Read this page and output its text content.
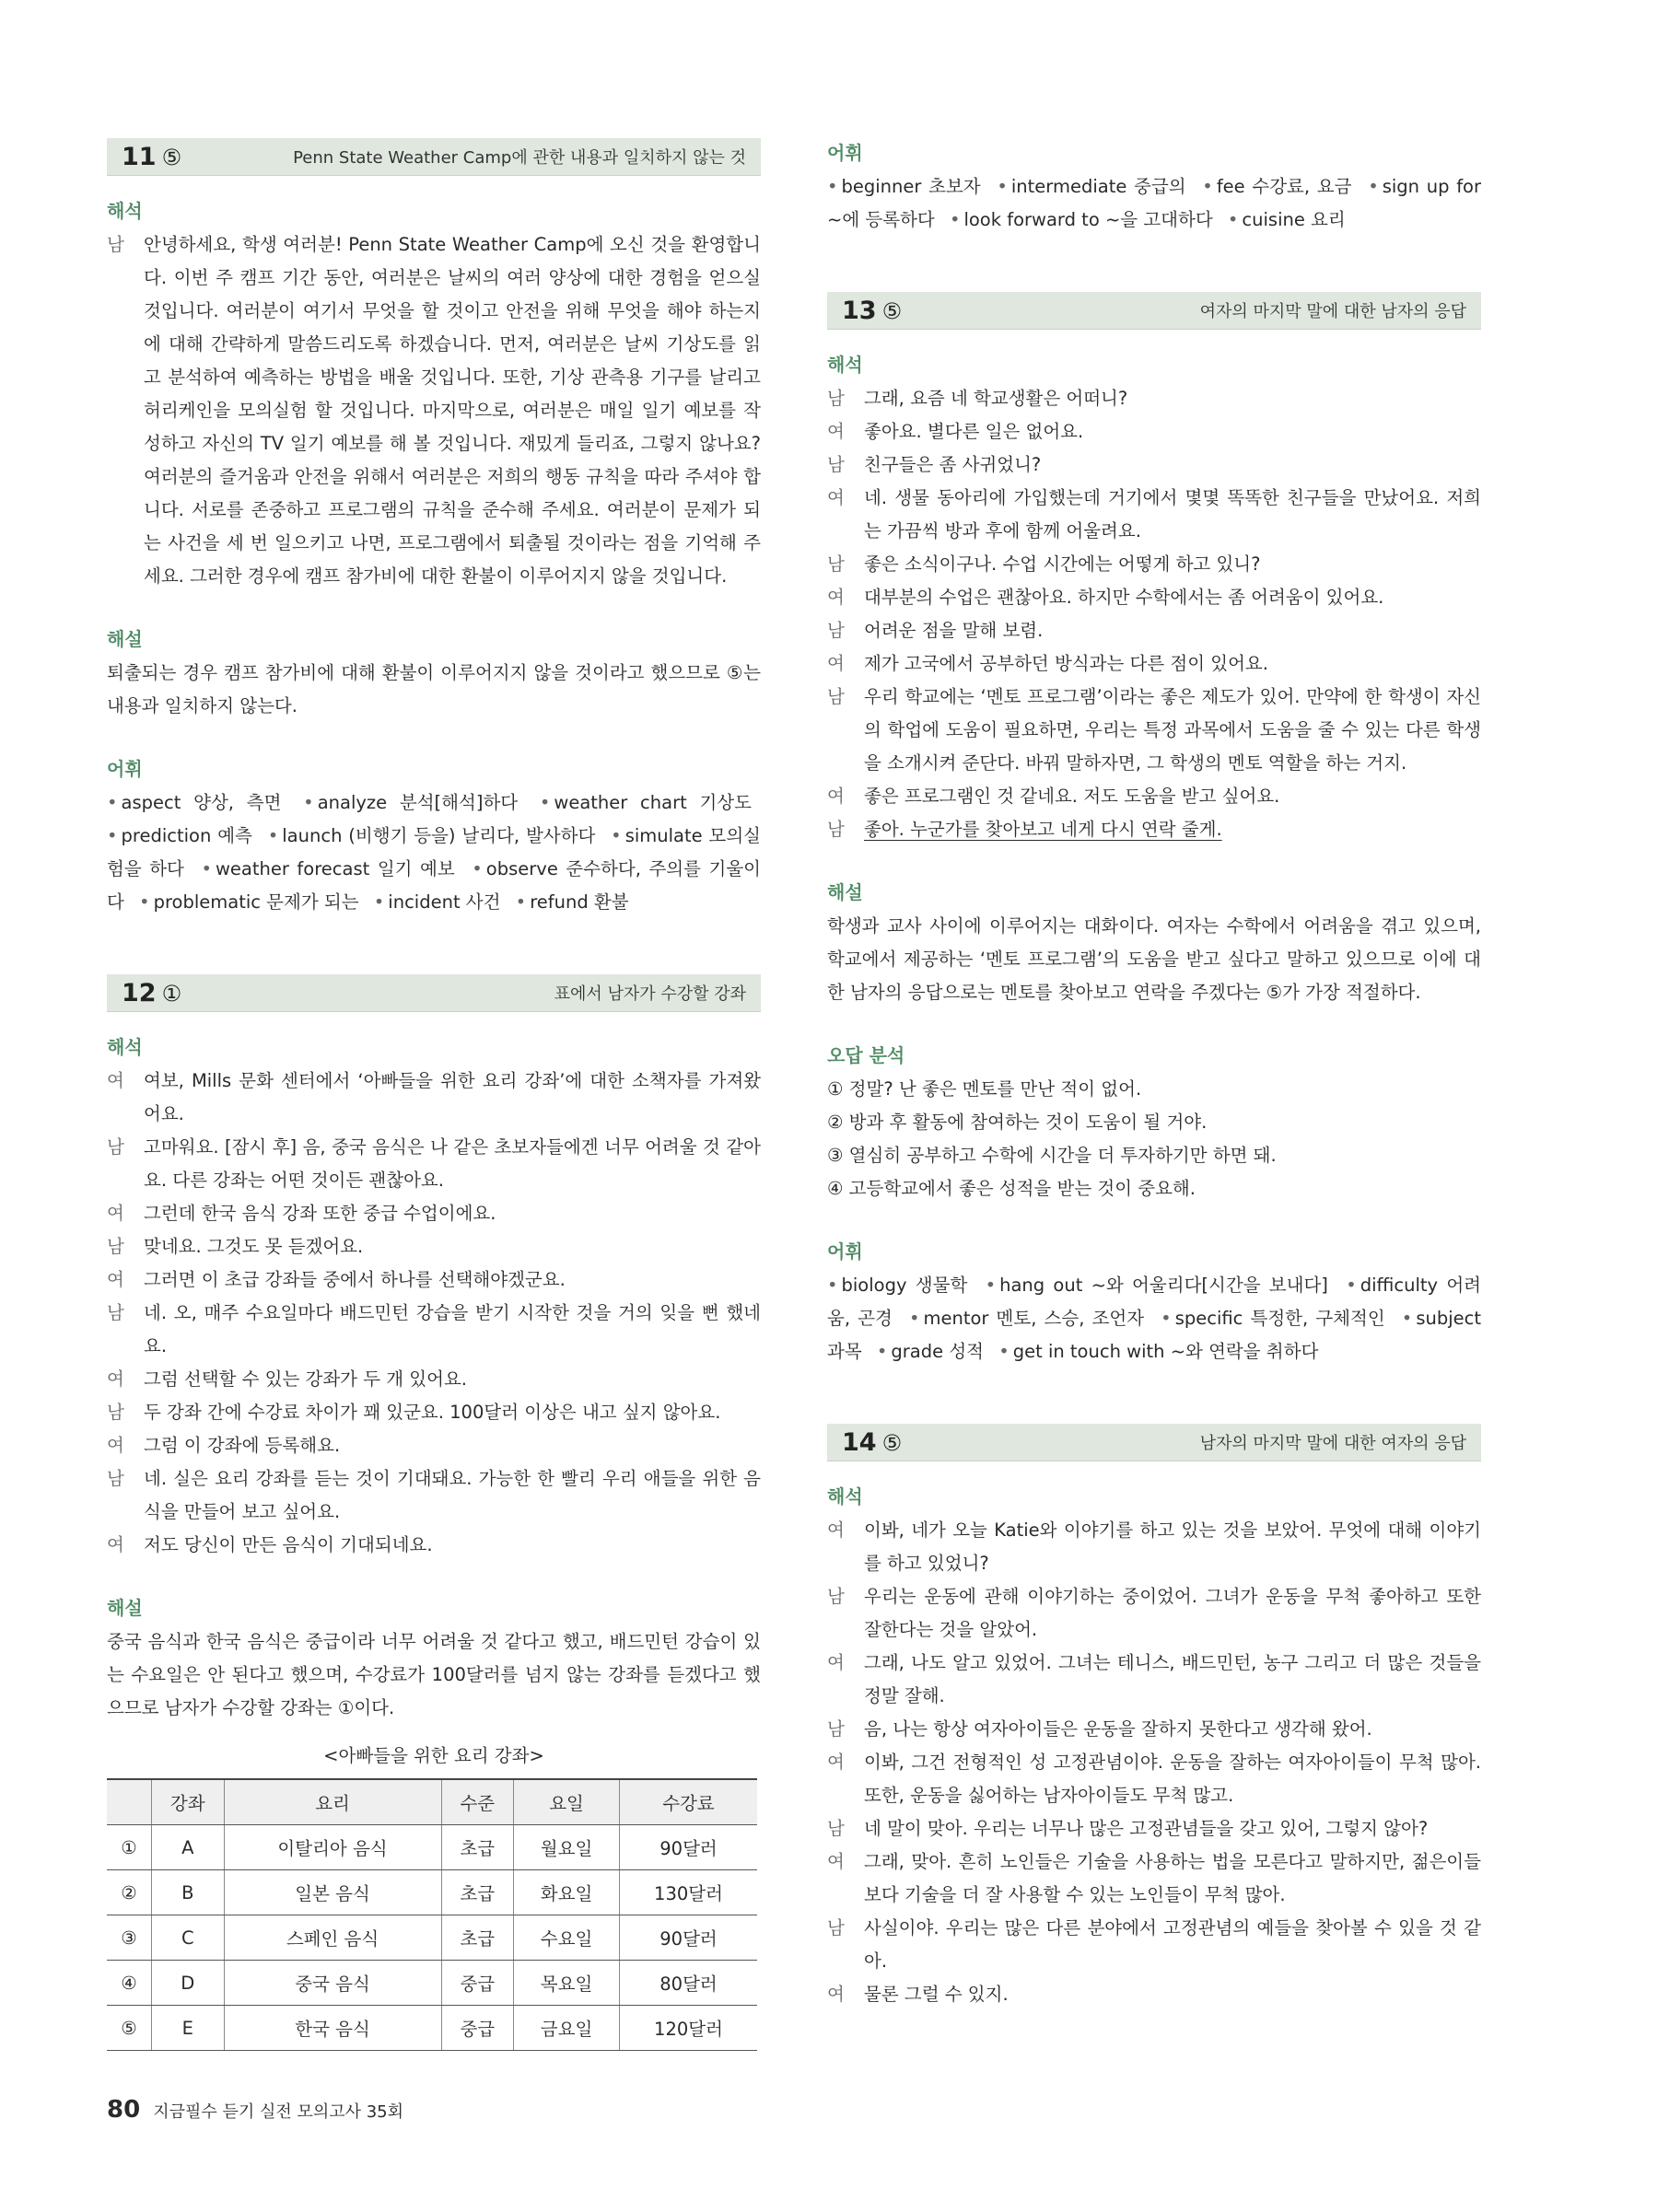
11 ⑤	Penn State Weather Camp에 관한 내용과 일치하지 않는 것
해석
남	안녕하세요, 학생 여러분! Penn State Weather Camp에 오신 것을 환영합니다. 이번 주 캠프 기간 동안, 여러분은 날씨의 여러 양상에 대한 경험을 얻으실 것입니다. 여러분이 여기서 무엇을 할 것이고 안전을 위해 무엇을 해야 하는지에 대해 간략하게 말씀드리도록 하겠습니다. 먼저, 여러분은 날씨 기상도를 읽고 분석하여 예측하는 방법을 배울 것입니다. 또한, 기상 관측용 기구를 날리고 허리케인을 모의실험 할 것입니다. 마지막으로, 여러분은 매일 일기 예보를 작성하고 자신의 TV 일기 예보를 해 볼 것입니다. 재밌게 들리죠, 그렇지 않나요? 여러분의 즐거움과 안전을 위해서 여러분은 저희의 행동 규칙을 따라 주셔야 합니다. 서로를 존중하고 프로그램의 규칙을 준수해 주세요. 여러분이 문제가 되는 사건을 세 번 일으키고 나면, 프로그램에서 퇴출될 것이라는 점을 기억해 주세요. 그러한 경우에 캠프 참가비에 대한 환불이 이루어지지 않을 것입니다.
해설

퇴출되는 경우 캠프 참가비에 대해 환불이 이루어지지 않을 것이라고 했으므로 ⑤는 내용과 일치하지 않는다.

어휘

• aspect 양상, 측면 • analyze 분석[해석]하다 • weather chart 기상도 • prediction 예측 • launch (비행기 등을) 날리다, 발사하다 • simulate 모의실험을 하다 • weather forecast 일기 예보 • observe 준수하다, 주의를 기울이다 • problematic 문제가 되는 • incident 사건 • refund 환불

12 ①	표에서 남자가 수강할 강좌
해석
여	여보, Mills 문화 센터에서 ‘아빠들을 위한 요리 강좌’에 대한 소책자를 가져왔어요.
남	고마워요. [잠시 후] 음, 중국 음식은 나 같은 초보자들에겐 너무 어려울 것 같아요. 다른 강좌는 어떤 것이든 괜찮아요.
여	그런데 한국 음식 강좌 또한 중급 수업이에요.
남	맞네요. 그것도 못 듣겠어요.
여	그러면 이 초급 강좌들 중에서 하나를 선택해야겠군요.
남	네. 오, 매주 수요일마다 배드민턴 강습을 받기 시작한 것을 거의 잊을 뻔 했네요.
여	그럼 선택할 수 있는 강좌가 두 개 있어요.
남	두 강좌 간에 수강료 차이가 꽤 있군요. 100달러 이상은 내고 싶지 않아요.
여	그럼 이 강좌에 등록해요.
남	네. 실은 요리 강좌를 듣는 것이 기대돼요. 가능한 한 빨리 우리 애들을 위한 음식을 만들어 보고 싶어요.
여	저도 당신이 만든 음식이 기대되네요.
해설

중국 음식과 한국 음식은 중급이라 너무 어려울 것 같다고 했고, 배드민턴 강습이 있는 수요일은 안 된다고 했으며, 수강료가 100달러를 넘지 않는 강좌를 듣겠다고 했으므로 남자가 수강할 강좌는 ①이다.

<아빠들을 위한 요리 강좌>
	강좌	요리	수준	요일	수강료
①	A	이탈리아 음식	초급	월요일	90달러
②	B	일본 음식	초급	화요일	130달러
③	C	스페인 음식	초급	수요일	90달러
④	D	중국 음식	중급	목요일	80달러
⑤	E	한국 음식	중급	금요일	120달러
어휘

• beginner 초보자 • intermediate 중급의 • fee 수강료, 요금 • sign up for ~에 등록하다 • look forward to ~을 고대하다 • cuisine 요리

13 ⑤	여자의 마지막 말에 대한 남자의 응답
해석
남	그래, 요즘 네 학교생활은 어떠니?
여	좋아요. 별다른 일은 없어요.
남	친구들은 좀 사귀었니?
여	네. 생물 동아리에 가입했는데 거기에서 몇몇 똑똑한 친구들을 만났어요. 저희는 가끔씩 방과 후에 함께 어울려요.
남	좋은 소식이구나. 수업 시간에는 어떻게 하고 있니?
여	대부분의 수업은 괜찮아요. 하지만 수학에서는 좀 어려움이 있어요.
남	어려운 점을 말해 보렴.
여	제가 고국에서 공부하던 방식과는 다른 점이 있어요.
남	우리 학교에는 ‘멘토 프로그램’이라는 좋은 제도가 있어. 만약에 한 학생이 자신의 학업에 도움이 필요하면, 우리는 특정 과목에서 도움을 줄 수 있는 다른 학생을 소개시켜 준단다. 바꿔 말하자면, 그 학생의 멘토 역할을 하는 거지.
여	좋은 프로그램인 것 같네요. 저도 도움을 받고 싶어요.
남	좋아. 누군가를 찾아보고 네게 다시 연락 줄게.
해설

학생과 교사 사이에 이루어지는 대화이다. 여자는 수학에서 어려움을 겪고 있으며, 학교에서 제공하는 ‘멘토 프로그램’의 도움을 받고 싶다고 말하고 있으므로 이에 대한 남자의 응답으로는 멘토를 찾아보고 연락을 주겠다는 ⑤가 가장 적절하다.

오답 분석
① 정말? 난 좋은 멘토를 만난 적이 없어.
② 방과 후 활동에 참여하는 것이 도움이 될 거야.
③ 열심히 공부하고 수학에 시간을 더 투자하기만 하면 돼.
④ 고등학교에서 좋은 성적을 받는 것이 중요해.
어휘

• biology 생물학 • hang out ~와 어울리다[시간을 보내다] • difficulty 어려움, 곤경 • mentor 멘토, 스승, 조언자 • specific 특정한, 구체적인 • subject 과목 • grade 성적 • get in touch with ~와 연락을 취하다

14 ⑤	남자의 마지막 말에 대한 여자의 응답
해석
여	이봐, 네가 오늘 Katie와 이야기를 하고 있는 것을 보았어. 무엇에 대해 이야기를 하고 있었니?
남	우리는 운동에 관해 이야기하는 중이었어. 그녀가 운동을 무척 좋아하고 또한 잘한다는 것을 알았어.
여	그래, 나도 알고 있었어. 그녀는 테니스, 배드민턴, 농구 그리고 더 많은 것들을 정말 잘해.
남	음, 나는 항상 여자아이들은 운동을 잘하지 못한다고 생각해 왔어.
여	이봐, 그건 전형적인 성 고정관념이야. 운동을 잘하는 여자아이들이 무척 많아. 또한, 운동을 싫어하는 남자아이들도 무척 많고.
남	네 말이 맞아. 우리는 너무나 많은 고정관념들을 갖고 있어, 그렇지 않아?
여	그래, 맞아. 흔히 노인들은 기술을 사용하는 법을 모른다고 말하지만, 젊은이들보다 기술을 더 잘 사용할 수 있는 노인들이 무척 많아.
남	사실이야. 우리는 많은 다른 분야에서 고정관념의 예들을 찾아볼 수 있을 것 같아.
여	물론 그럴 수 있지.
80 지금필수 듣기 실전 모의고사 35회
